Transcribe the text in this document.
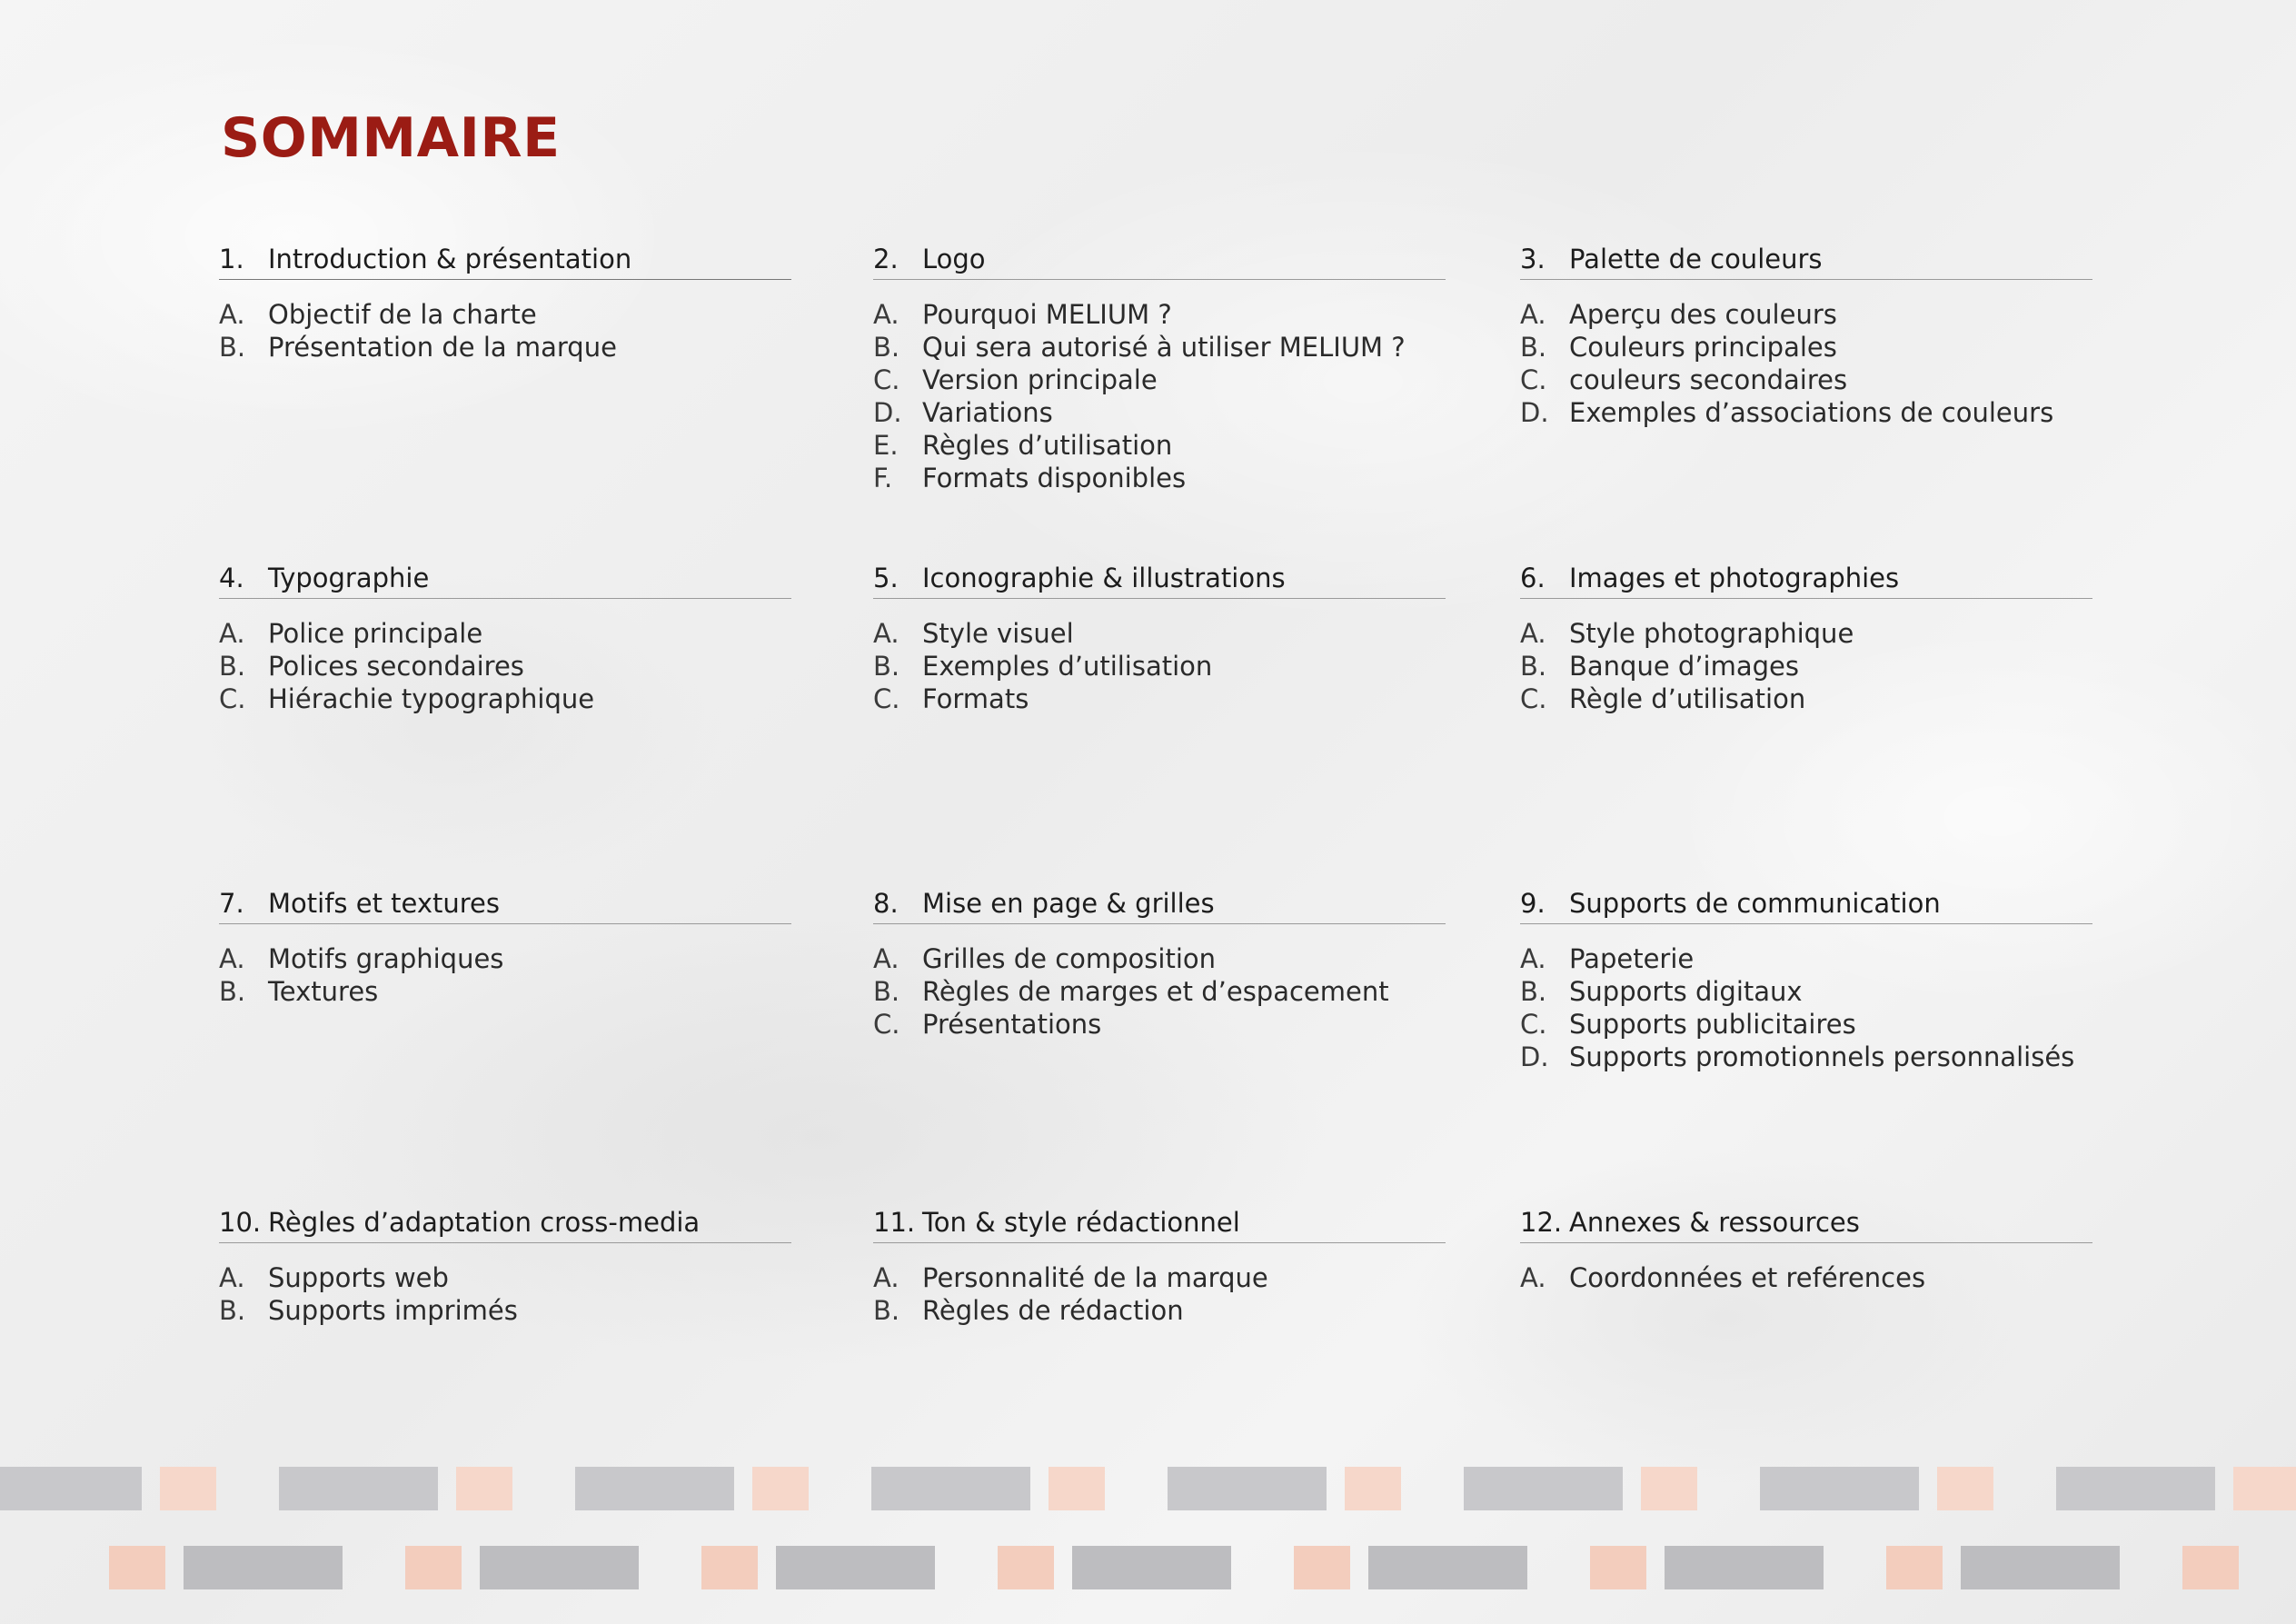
SOMMAIRE
1. Introduction & présentation
A. Objectif de la charte
B. Présentation de la marque
2. Logo
A. Pourquoi MELIUM ?
B. Qui sera autorisé à utiliser MELIUM ?
C. Version principale
D. Variations
E. Règles d’utilisation
F.	Formats disponibles
3. Palette de couleurs
A. Aperçu des couleurs
B. Couleurs principales
C. couleurs secondaires
D. Exemples d’associations de couleurs
4. Typographie
A. Police principale
B. Polices secondaires
C. Hiérachie typographique
5. Iconographie & illustrations
A. Style visuel
B. Exemples d’utilisation
C. Formats
6. Images et photographies
A. Style photographique
B. Banque d’images
C. Règle d’utilisation
7. Motifs et textures
A. Motifs graphiques
B. Textures
8. Mise en page & grilles
A. Grilles de composition
B. Règles de marges et d’espacement
C. Présentations
9. Supports de communication
A. Papeterie
B. Supports digitaux
C. Supports publicitaires
D. Supports promotionnels personnalisés
10. Règles d’adaptation cross-media
A. Supports web
B. Supports imprimés
11. Ton & style rédactionnel
A. Personnalité de la marque
B. Règles de rédaction
12. Annexes & ressources
A. Coordonnées et reférences
